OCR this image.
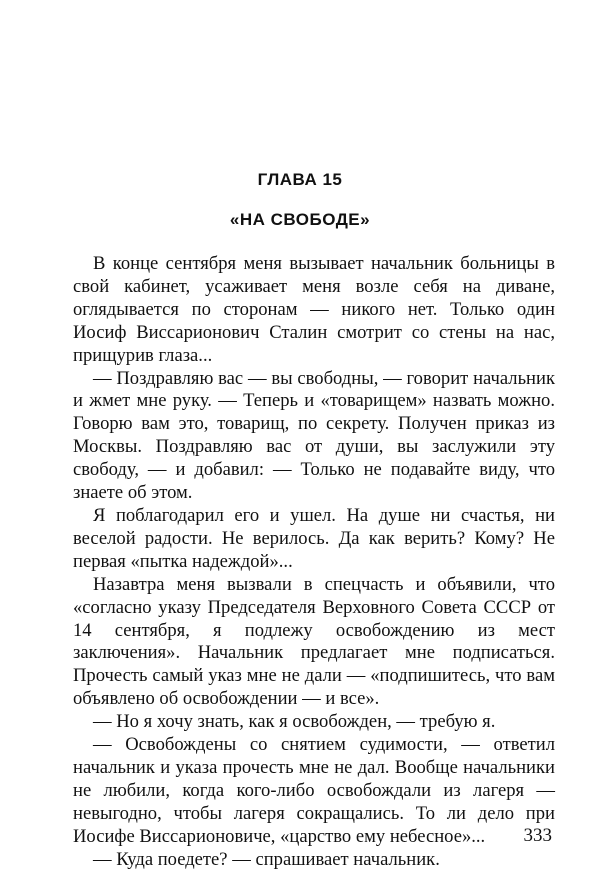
ГЛАВА 15
«НА СВОБОДЕ»

В конце сентября меня вызывает начальник больницы в свой кабинет, усаживает меня возле себя на диване, оглядывается по сторонам — никого нет. Только один Иосиф Виссарионович Сталин смотрит со стены на нас, прищурив глаза...

— Поздравляю вас — вы свободны, — говорит начальник и жмет мне руку. — Теперь и «товарищем» назвать можно. Говорю вам это, товарищ, по секрету. Получен приказ из Москвы. Поздравляю вас от души, вы заслужили эту свободу, — и добавил: — Только не подавайте виду, что знаете об этом.

Я поблагодарил его и ушел. На душе ни счастья, ни веселой радости. Не верилось. Да как верить? Кому? Не первая «пытка надеждой»...

Назавтра меня вызвали в спецчасть и объявили, что «согласно указу Председателя Верховного Совета СССР от 14 сентября, я подлежу освобождению из мест заключения». Начальник предлагает мне подписаться. Прочесть самый указ мне не дали — «подпишитесь, что вам объявлено об освобождении — и все».

— Но я хочу знать, как я освобожден, — требую я.

— Освобождены со снятием судимости, — ответил начальник и указа прочесть мне не дал. Вообще начальники не любили, когда кого-либо освобождали из лагеря — невыгодно, чтобы лагеря сокращались. То ли дело при Иосифе Виссарионовиче, «царство ему небесное»...

— Куда поедете? — спрашивает начальник.

333
